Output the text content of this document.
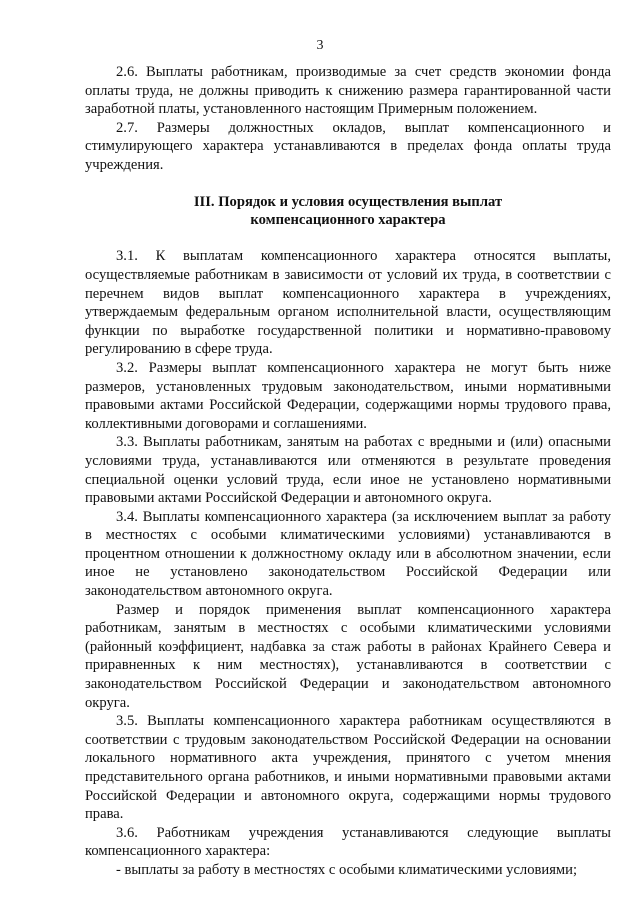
3

2.6. Выплаты работникам, производимые за счет средств экономии фонда оплаты труда, не должны приводить к снижению размера гарантированной части заработной платы, установленного настоящим Примерным положением.

2.7. Размеры должностных окладов, выплат компенсационного и стимулирующего характера устанавливаются в пределах фонда оплаты труда учреждения.

III. Порядок и условия осуществления выплат
компенсационного характера

3.1. К выплатам компенсационного характера относятся выплаты, осуществляемые работникам в зависимости от условий их труда, в соответствии с перечнем видов выплат компенсационного характера в учреждениях, утверждаемым федеральным органом исполнительной власти, осуществляющим функции по выработке государственной политики и нормативно-правовому регулированию в сфере труда.

3.2. Размеры выплат компенсационного характера не могут быть ниже размеров, установленных трудовым законодательством, иными нормативными правовыми актами Российской Федерации, содержащими нормы трудового права, коллективными договорами и соглашениями.

3.3. Выплаты работникам, занятым на работах с вредными и (или) опасными условиями труда, устанавливаются или отменяются в результате проведения специальной оценки условий труда, если иное не установлено нормативными правовыми актами Российской Федерации и автономного округа.

3.4. Выплаты компенсационного характера (за исключением выплат за работу в местностях с особыми климатическими условиями) устанавливаются в процентном отношении к должностному окладу или в абсолютном значении, если иное не установлено законодательством Российской Федерации или законодательством автономного округа.

Размер и порядок применения выплат компенсационного характера работникам, занятым в местностях с особыми климатическими условиями (районный коэффициент, надбавка за стаж работы в районах Крайнего Севера и приравненных к ним местностях), устанавливаются в соответствии с законодательством Российской Федерации и законодательством автономного округа.

3.5. Выплаты компенсационного характера работникам осуществляются в соответствии с трудовым законодательством Российской Федерации на основании локального нормативного акта учреждения, принятого с учетом мнения представительного органа работников, и иными нормативными правовыми актами Российской Федерации и автономного округа, содержащими нормы трудового права.

3.6. Работникам учреждения устанавливаются следующие выплаты компенсационного характера:

- выплаты за работу в местностях с особыми климатическими условиями;
